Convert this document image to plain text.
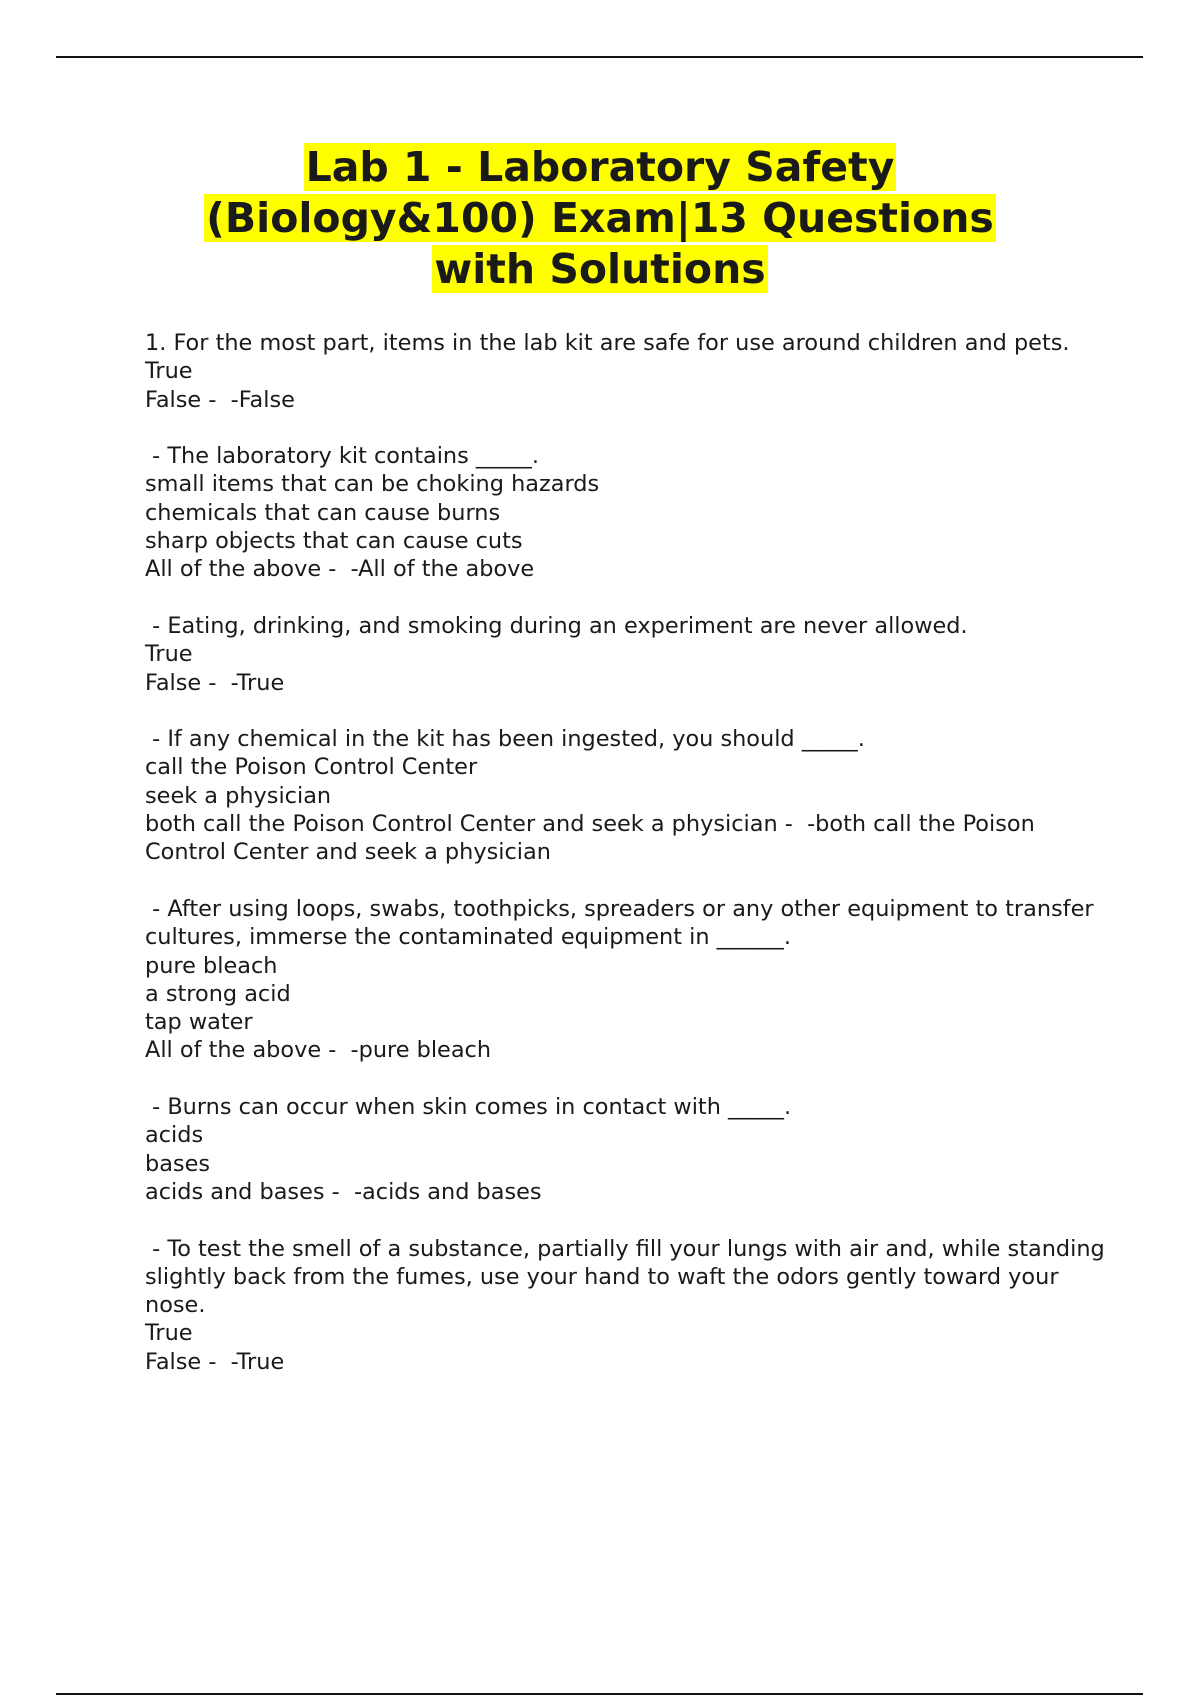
Lab 1 - Laboratory Safety (Biology&100) Exam|13 Questions with Solutions
1. For the most part, items in the lab kit are safe for use around children and pets.
True
False -  -False
- The laboratory kit contains _____.
small items that can be choking hazards
chemicals that can cause burns
sharp objects that can cause cuts
All of the above -  -All of the above
- Eating, drinking, and smoking during an experiment are never allowed.
True
False -  -True
- If any chemical in the kit has been ingested, you should _____.
call the Poison Control Center
seek a physician
both call the Poison Control Center and seek a physician -  -both call the Poison Control Center and seek a physician
- After using loops, swabs, toothpicks, spreaders or any other equipment to transfer cultures, immerse the contaminated equipment in ______.
pure bleach
a strong acid
tap water
All of the above -  -pure bleach
- Burns can occur when skin comes in contact with _____.
acids
bases
acids and bases -  -acids and bases
- To test the smell of a substance, partially fill your lungs with air and, while standing slightly back from the fumes, use your hand to waft the odors gently toward your nose.
True
False -  -True
